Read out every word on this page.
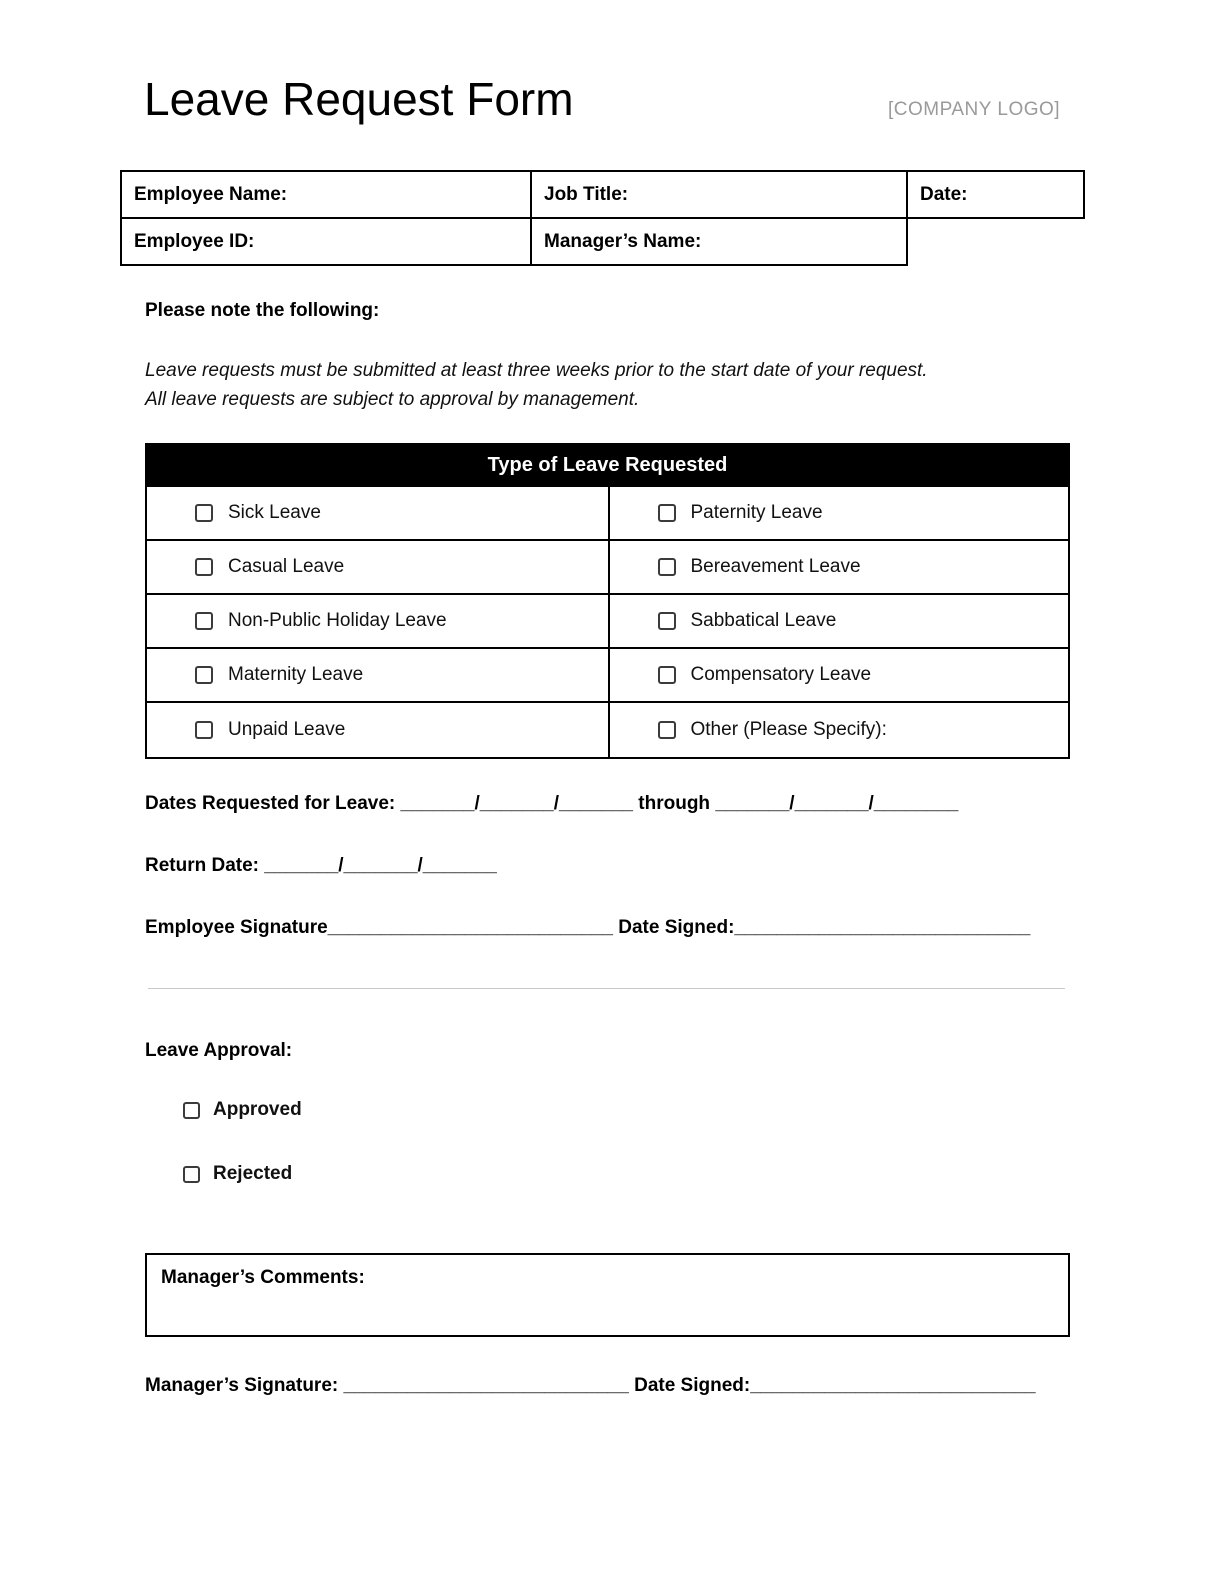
Leave Request Form	[COMPANY LOGO]
Employee Name:	Job Title:	Date:
Employee ID:	Manager’s Name:	
Please note the following:
Leave requests must be submitted at least three weeks prior to the start date of your request.
All leave requests are subject to approval by management.
Type of Leave Requested
Sick Leave	Paternity Leave
Casual Leave	Bereavement Leave
Non-Public Holiday Leave	Sabbatical Leave
Maternity Leave	Compensatory Leave
Unpaid Leave	Other (Please Specify):
Dates Requested for Leave: _______/_______/_______ through _______/_______/________
Return Date: _______/_______/_______
Employee Signature___________________________ Date Signed:____________________________
Leave Approval:
Approved
Rejected
Manager’s Comments:
Manager’s Signature: ___________________________ Date Signed:___________________________
